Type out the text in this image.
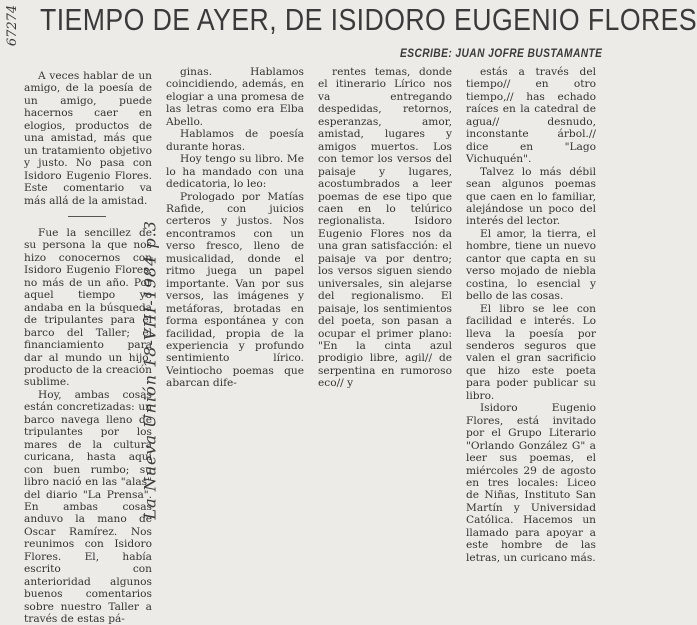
TIEMPO DE AYER, DE ISIDORO EUGENIO FLORES
ESCRIBE: JUAN JOFRE BUSTAMANTE
La Nueva Unión 18-VIII-1984 p.3
67274

A veces hablar de un amigo, de la poesía de un amigo, puede hacernos caer en elogios, productos de una amistad, más que un tratamiento objetivo y justo. No pasa con Isidoro Eugenio Flores. Este comentario va más allá de la amistad.

Fue la sencillez de su persona la que nos hizo conocernos con Isidoro Eugenio Flores, no más de un año. Por aquel tiempo yo andaba en la búsqueda de tripulantes para el barco del Taller; el financiamiento para dar al mundo un hijo, producto de la creación sublime.

Hoy, ambas cosas están concretizadas: un barco navega lleno de tripulantes por los mares de la cultura curicana, hasta aquí con buen rumbo; su libro nació en las "alas" del diario "La Prensa". En ambas cosas anduvo la mano de Oscar Ramírez. Nos reunimos con Isidoro Flores. El, había escrito con anterioridad algunos buenos comentarios sobre nuestro Taller a través de estas pá-

ginas. Hablamos coincidiendo, además, en elogiar a una promesa de las letras como era Elba Abello.

Hablamos de poesía durante horas.

Hoy tengo su libro. Me lo ha mandado con una dedicatoria, lo leo:

Prologado por Matías Rafide, con juicios certeros y justos. Nos encontramos con un verso fresco, lleno de musicalidad, donde el ritmo juega un papel importante. Van por sus versos, las imágenes y metáforas, brotadas en forma espontánea y con facilidad, propia de la experiencia y profundo sentimiento lírico. Veintiocho poemas que abarcan dife-

rentes temas, donde el itinerario Lírico nos va entregando despedidas, retornos, esperanzas, amor, amistad, lugares y amigos muertos. Los con temor los versos del paisaje y lugares, acostumbrados a leer poemas de ese tipo que caen en lo telúrico regionalista. Isidoro Eugenio Flores nos da una gran satisfacción: el paisaje va por dentro; los versos siguen siendo universales, sin alejarse del regionalismo. El paisaje, los sentimientos del poeta, son pasan a ocupar el primer plano: "En la cinta azul prodigio libre, agil// de serpentina en rumoroso eco// y

estás a través del tiempo// en otro tiempo,// has echado raíces en la catedral de agua// desnudo, inconstante árbol.// dice en "Lago Vichuquén".

Talvez lo más débil sean algunos poemas que caen en lo familiar, alejándose un poco del interés del lector.

El amor, la tierra, el hombre, tiene un nuevo cantor que capta en su verso mojado de niebla costina, lo esencial y bello de las cosas.

El libro se lee con facilidad e interés. Lo lleva la poesía por senderos seguros que valen el gran sacrificio que hizo este poeta para poder publicar su libro.

Isidoro Eugenio Flores, está invitado por el Grupo Literario "Orlando González G" a leer sus poemas, el miércoles 29 de agosto en tres locales: Liceo de Niñas, Instituto San Martín y Universidad Católica. Hacemos un llamado para apoyar a este hombre de las letras, un curicano más.
